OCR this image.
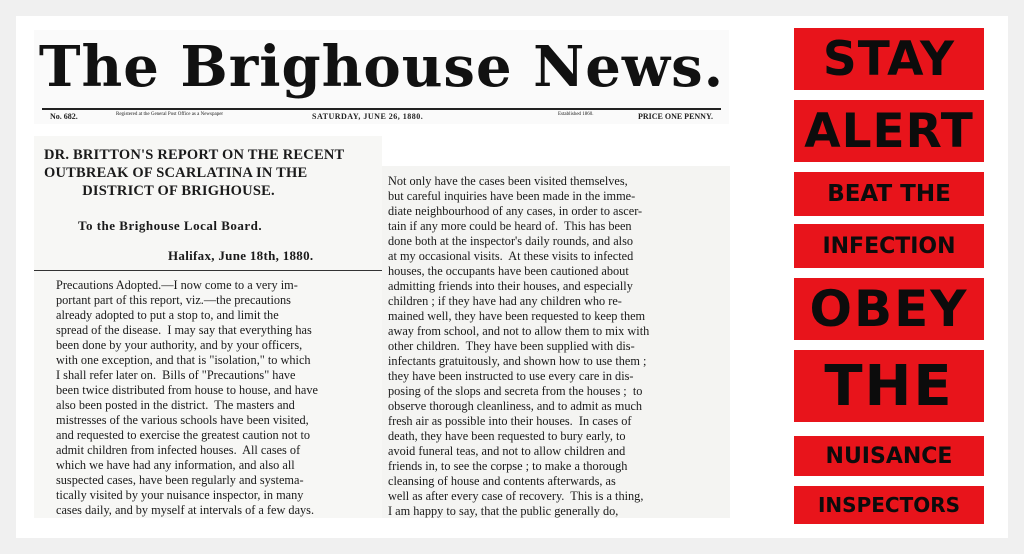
The Brighouse News.
No. 682.	Registered at the General Post Office as a Newspaper	SATURDAY, JUNE 26, 1880.	Established 1860.	PRICE ONE PENNY.
DR. BRITTON'S REPORT ON THE RECENT
OUTBREAK OF SCARLATINA IN THE
DISTRICT OF BRIGHOUSE.
To the Brighouse Local Board.
Halifax, June 18th, 1880.
Precautions Adopted.—I now come to a very im-
portant part of this report, viz.—the precautions
already adopted to put a stop to, and limit the
spread of the disease.  I may say that everything has
been done by your authority, and by your officers,
with one exception, and that is "isolation," to which
I shall refer later on.  Bills of "Precautions" have
been twice distributed from house to house, and have
also been posted in the district.  The masters and
mistresses of the various schools have been visited,
and requested to exercise the greatest caution not to
admit children from infected houses.  All cases of
which we have had any information, and also all
suspected cases, have been regularly and systema-
tically visited by your nuisance inspector, in many
cases daily, and by myself at intervals of a few days.
Not only have the cases been visited themselves,
but careful inquiries have been made in the imme-
diate neighbourhood of any cases, in order to ascer-
tain if any more could be heard of.  This has been
done both at the inspector's daily rounds, and also
at my occasional visits.  At these visits to infected
houses, the occupants have been cautioned about
admitting friends into their houses, and especially
children ; if they have had any children who re-
mained well, they have been requested to keep them
away from school, and not to allow them to mix with
other children.  They have been supplied with dis-
infectants gratuitously, and shown how to use them ;
they have been instructed to use every care in dis-
posing of the slops and secreta from the houses ;  to
observe thorough cleanliness, and to admit as much
fresh air as possible into their houses.  In cases of
death, they have been requested to bury early, to
avoid funeral teas, and not to allow children and
friends in, to see the corpse ; to make a thorough
cleansing of house and contents afterwards, as
well as after every case of recovery.  This is a thing,
I am happy to say, that the public generally do,
STAY
ALERT
BEAT THE
INFECTION
OBEY
THE
NUISANCE
INSPECTORS
